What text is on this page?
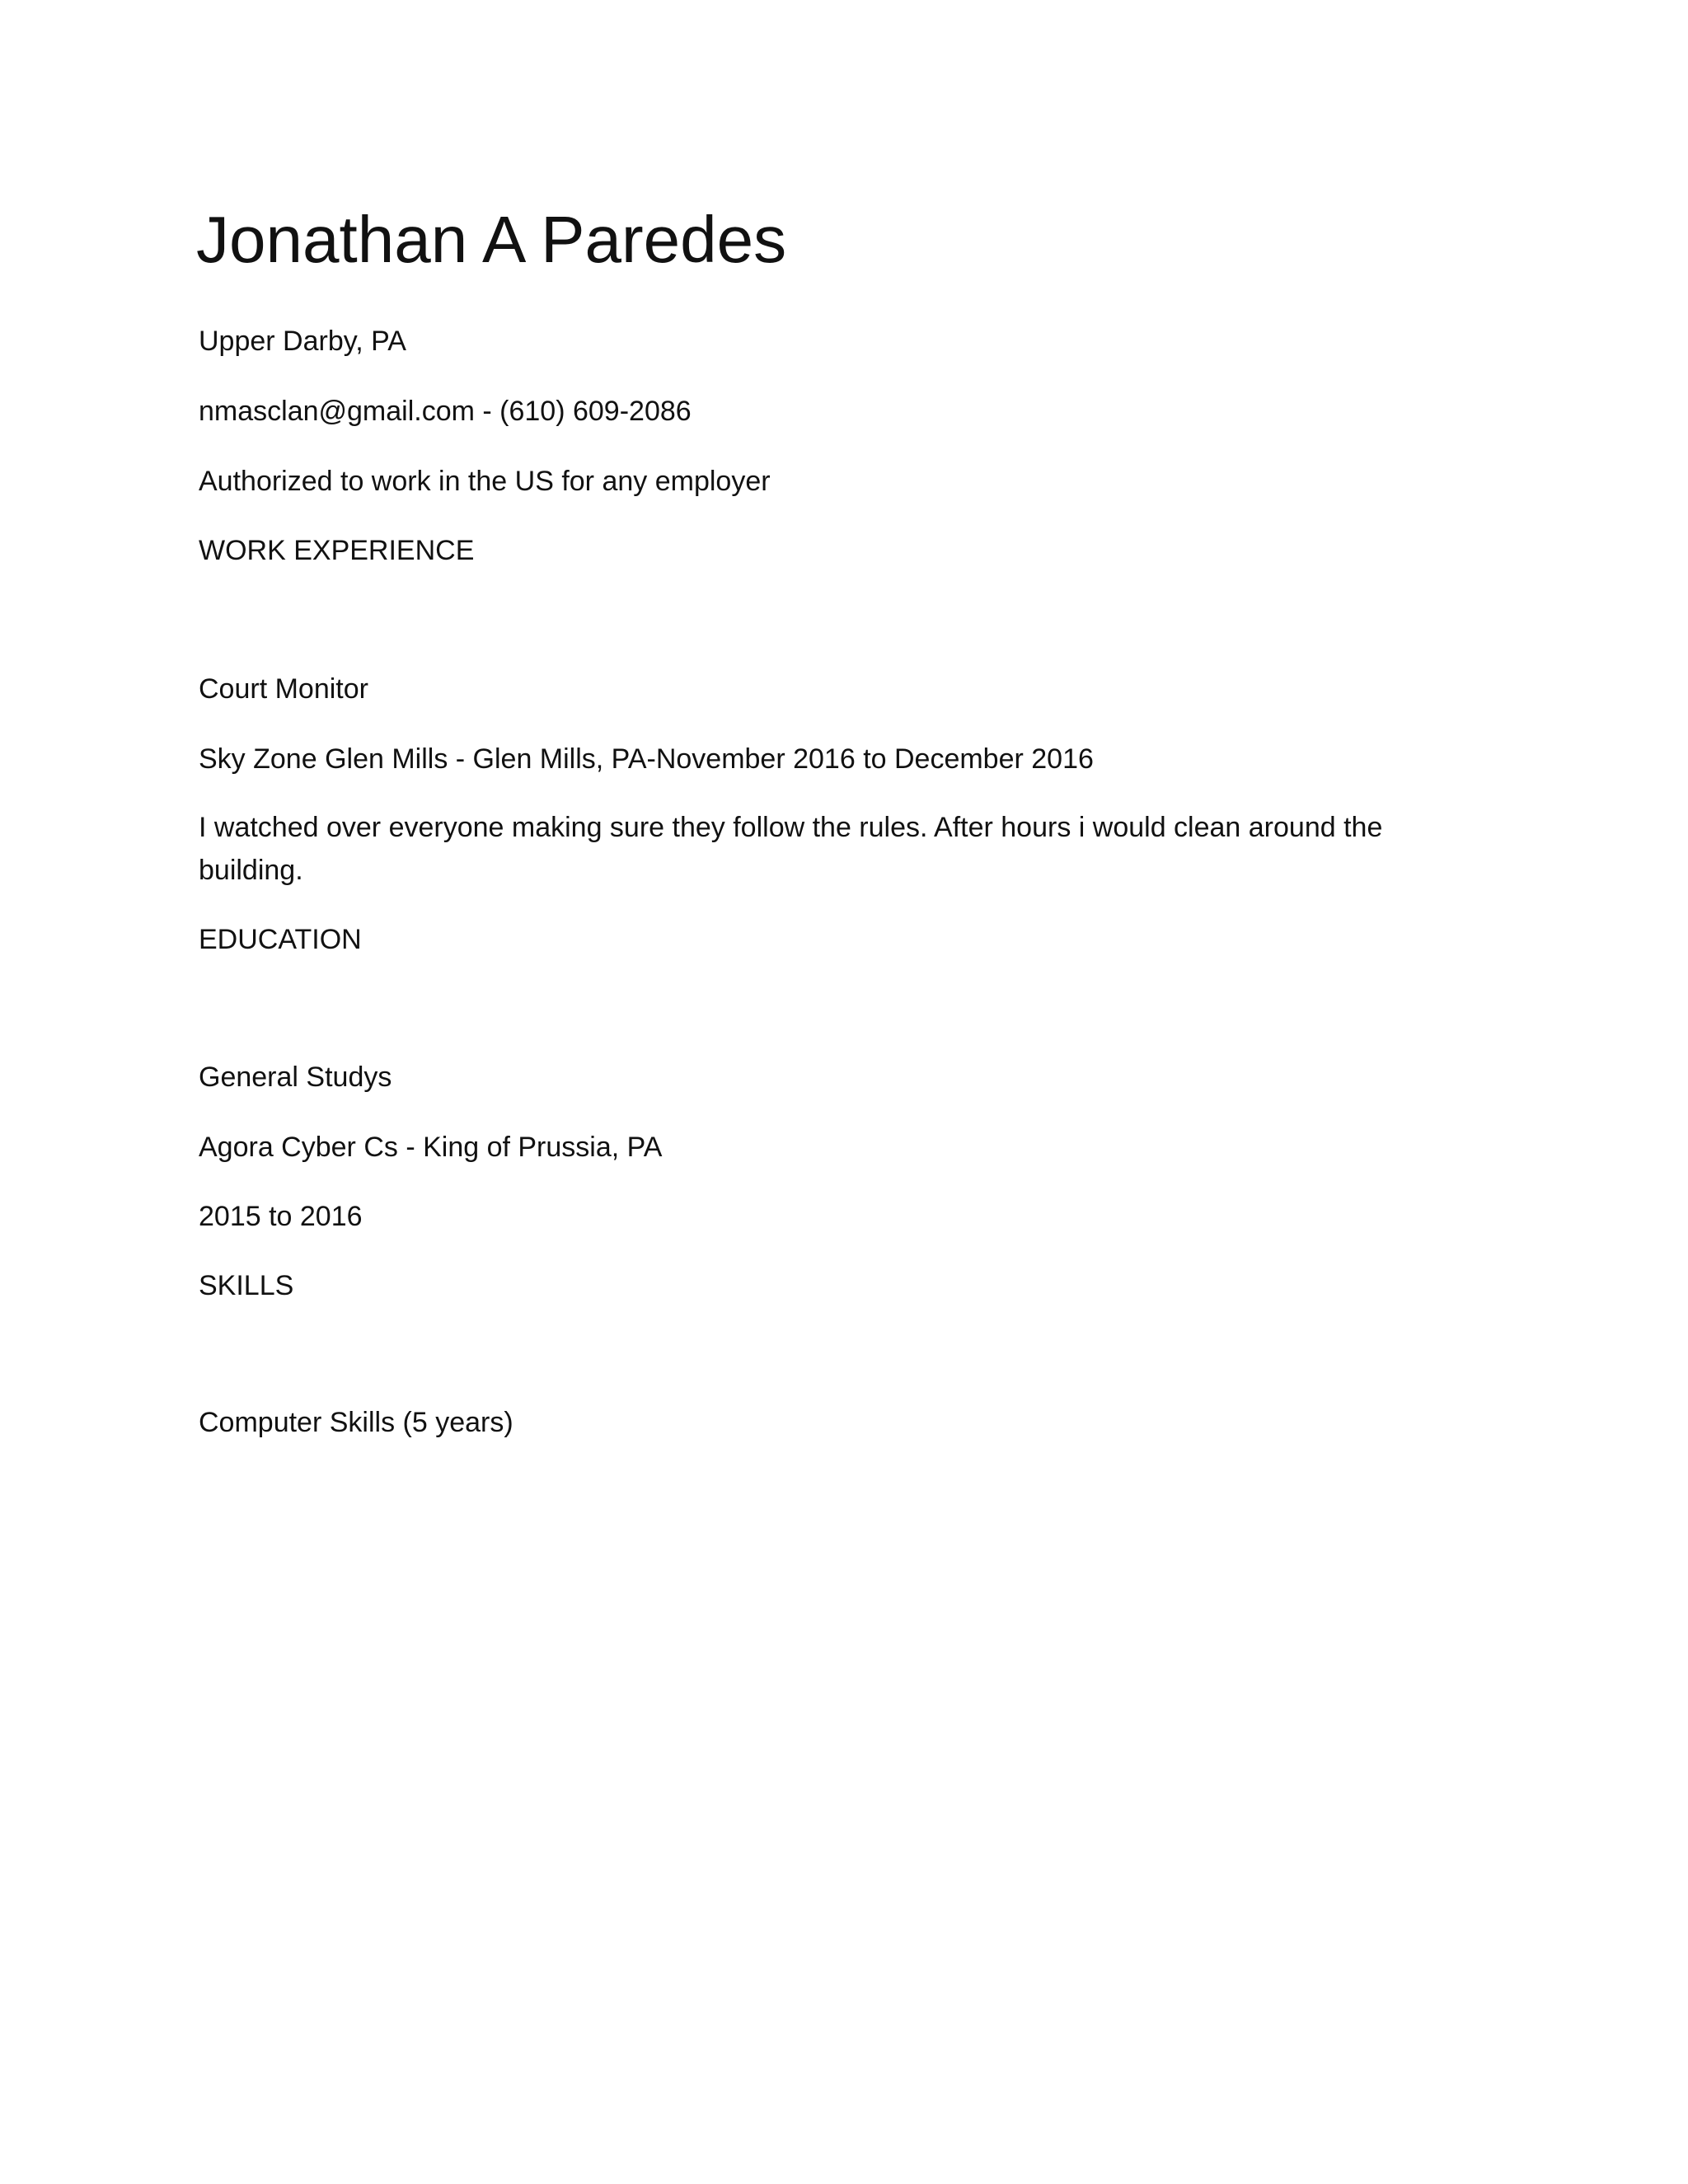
Jonathan A Paredes
Upper Darby, PA
nmasclan@gmail.com - (610) 609-2086
Authorized to work in the US for any employer
WORK EXPERIENCE
Court Monitor
Sky Zone Glen Mills - Glen Mills, PA-November 2016 to December 2016
I watched over everyone making sure they follow the rules. After hours i would clean around the building.
EDUCATION
General Studys
Agora Cyber Cs - King of Prussia, PA
2015 to 2016
SKILLS
Computer Skills (5 years)
